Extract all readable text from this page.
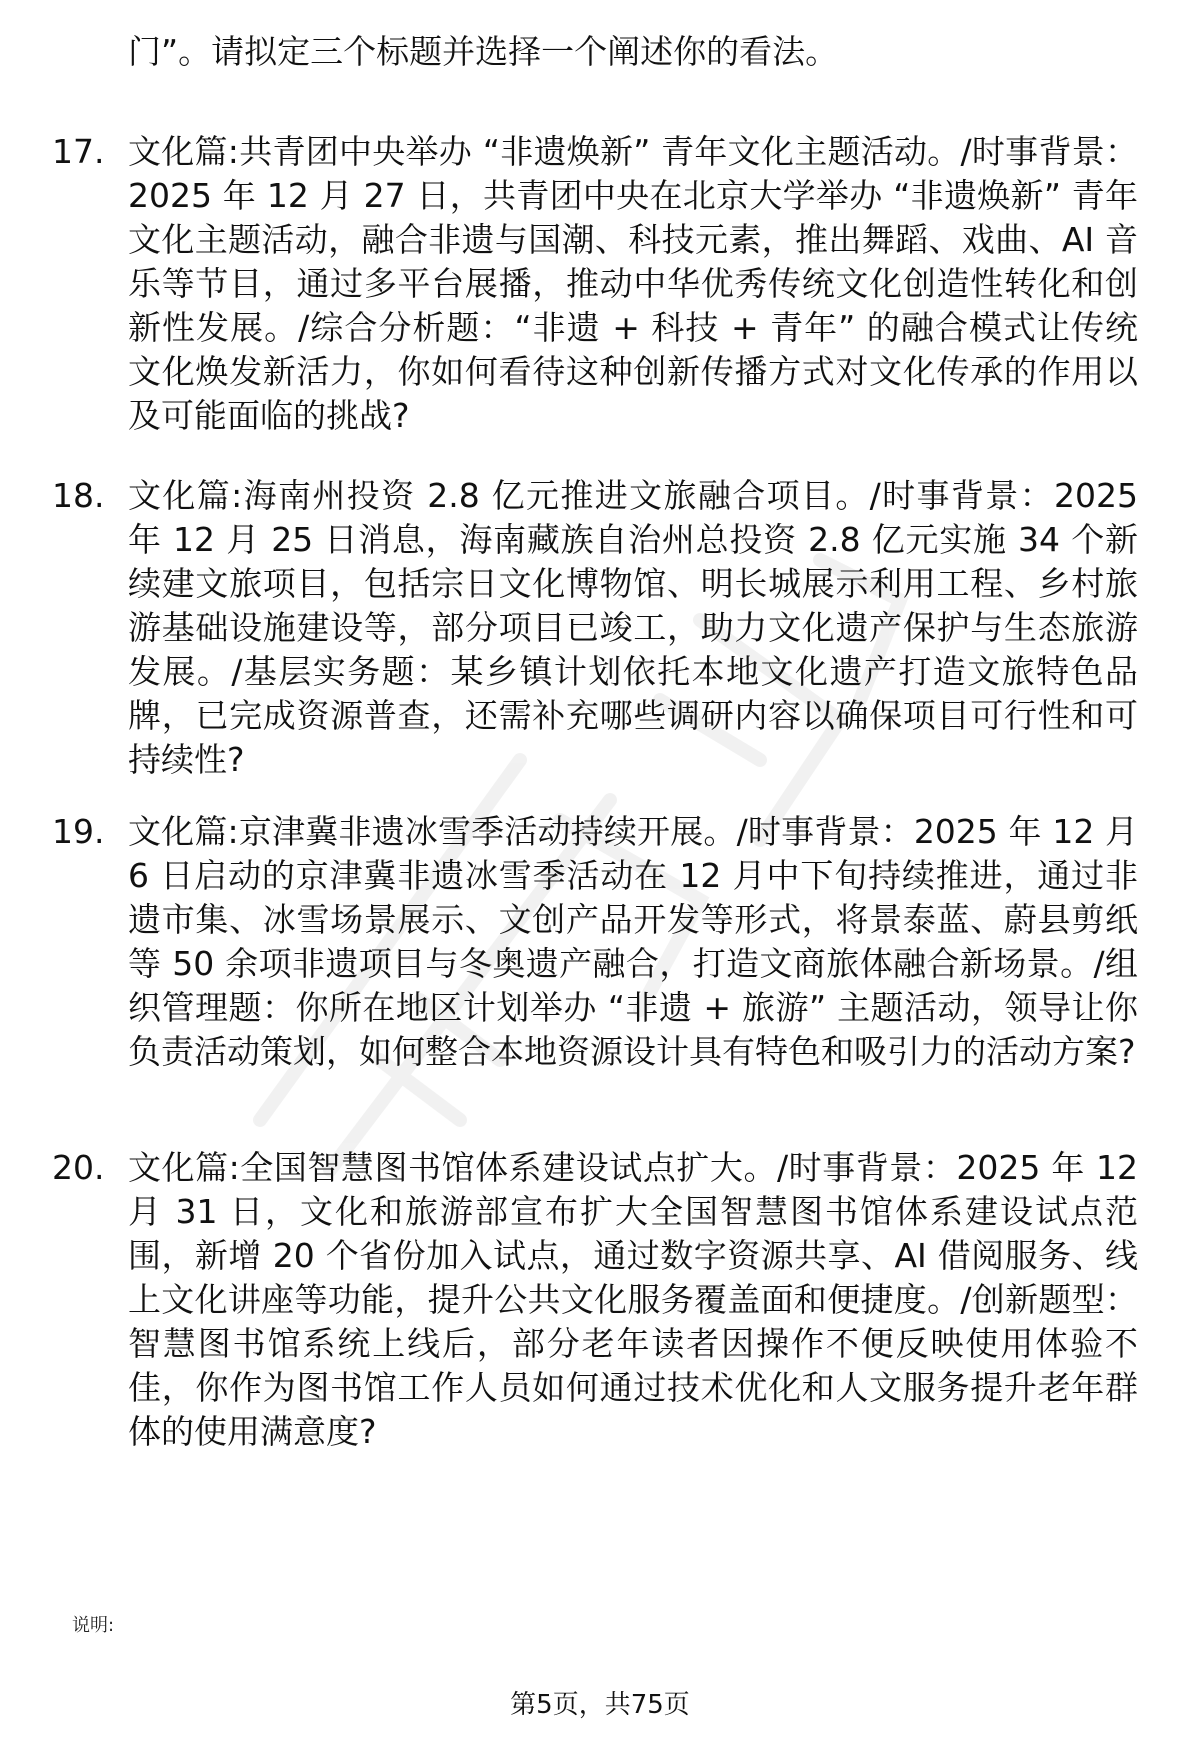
门”。请拟定三个标题并选择一个阐述你的看法。

17. 文化篇:共青团中央举办 “非遗焕新” 青年文化主题活动。/时事背景：2025 年 12 月 27 日，共青团中央在北京大学举办 “非遗焕新” 青年文化主题活动，融合非遗与国潮、科技元素，推出舞蹈、戏曲、AI 音乐等节目，通过多平台展播，推动中华优秀传统文化创造性转化和创新性发展。/综合分析题：“非遗 + 科技 + 青年” 的融合模式让传统文化焕发新活力，你如何看待这种创新传播方式对文化传承的作用以及可能面临的挑战?

18. 文化篇:海南州投资 2.8 亿元推进文旅融合项目。/时事背景：2025 年 12 月 25 日消息，海南藏族自治州总投资 2.8 亿元实施 34 个新续建文旅项目，包括宗日文化博物馆、明长城展示利用工程、乡村旅游基础设施建设等，部分项目已竣工，助力文化遗产保护与生态旅游发展。/基层实务题：某乡镇计划依托本地文化遗产打造文旅特色品牌，已完成资源普查，还需补充哪些调研内容以确保项目可行性和可持续性?

19. 文化篇:京津冀非遗冰雪季活动持续开展。/时事背景：2025 年 12 月 6 日启动的京津冀非遗冰雪季活动在 12 月中下旬持续推进，通过非遗市集、冰雪场景展示、文创产品开发等形式，将景泰蓝、蔚县剪纸等 50 余项非遗项目与冬奥遗产融合，打造文商旅体融合新场景。/组织管理题：你所在地区计划举办 “非遗 + 旅游” 主题活动，领导让你负责活动策划，如何整合本地资源设计具有特色和吸引力的活动方案?

20. 文化篇:全国智慧图书馆体系建设试点扩大。/时事背景：2025 年 12 月 31 日，文化和旅游部宣布扩大全国智慧图书馆体系建设试点范围，新增 20 个省份加入试点，通过数字资源共享、AI 借阅服务、线上文化讲座等功能，提升公共文化服务覆盖面和便捷度。/创新题型：智慧图书馆系统上线后，部分老年读者因操作不便反映使用体验不佳，你作为图书馆工作人员如何通过技术优化和人文服务提升老年群体的使用满意度?

说明:
第5页，共75页
